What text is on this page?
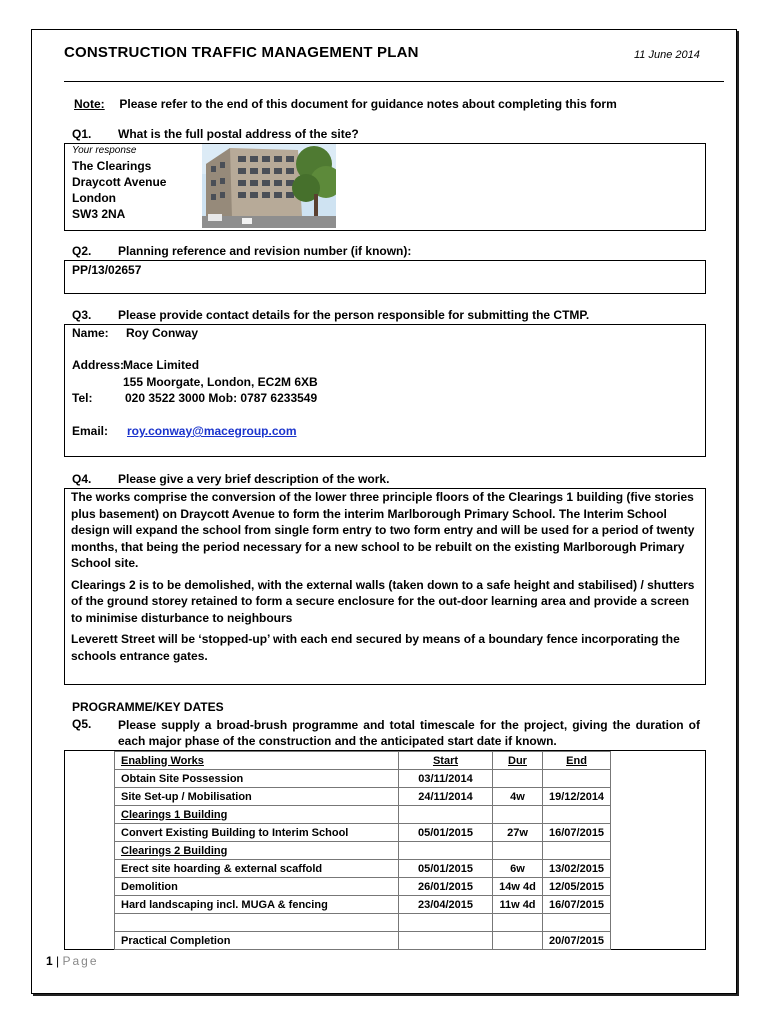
CONSTRUCTION TRAFFIC MANAGEMENT PLAN	11 June 2014
Note: Please refer to the end of this document for guidance notes about completing this form
Q1. What is the full postal address of the site?
Your response
The Clearings
Draycott Avenue
London
SW3 2NA
Q2. Planning reference and revision number (if known):
PP/13/02657
Q3. Please provide contact details for the person responsible for submitting the CTMP.
Name: Roy Conway
Address:
Mace Limited
155 Moorgate, London, EC2M 6XB
Tel:	020 3522 3000 Mob: 0787 6233549
Email: roy.conway@macegroup.com
Q4. Please give a very brief description of the work.

The works comprise the conversion of the lower three principle floors of the Clearings 1 building (five stories plus basement) on Draycott Avenue to form the interim Marlborough Primary School. The Interim School design will expand the school from single form entry to two form entry and will be used for a period of twenty months, that being the period necessary for a new school to be rebuilt on the existing Marlborough Primary School site.

Clearings 2 is to be demolished, with the external walls (taken down to a safe height and stabilised) / shutters of the ground storey retained to form a secure enclosure for the out-door learning area and provide a screen to minimise disturbance to neighbours

Leverett Street will be ‘stopped-up’ with each end secured by means of a boundary fence incorporating the schools entrance gates.

PROGRAMME/KEY DATES
Q5. Please supply a broad-brush programme and total timescale for the project, giving the duration of each major phase of the construction and the anticipated start date if known.
Enabling Works	Start	Dur	End
Obtain Site Possession	03/11/2014		
Site Set-up / Mobilisation	24/11/2014	4w	19/12/2014
Clearings 1 Building			
Convert Existing Building to Interim School	05/01/2015	27w	16/07/2015
Clearings 2 Building			
Erect site hoarding & external scaffold	05/01/2015	6w	13/02/2015
Demolition	26/01/2015	14w 4d	12/05/2015
Hard landscaping incl. MUGA & fencing	23/04/2015	11w 4d	16/07/2015

Practical Completion			20/07/2015
1 | Page
